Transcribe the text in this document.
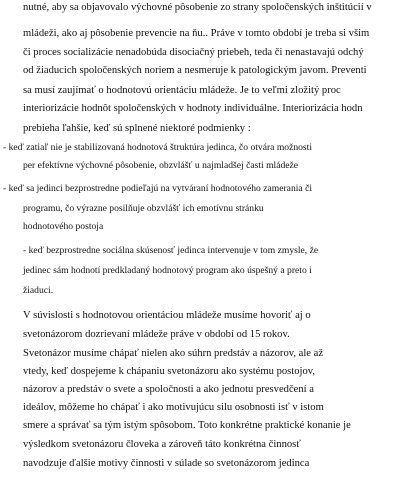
nutné, aby sa objavovalo výchovné pôsobenie zo strany spoločenských inštitúcií v
mládeži, ako aj pôsobenie prevencie na ňu.. Práve v tomto období je treba si všim
či proces socializácie nenadobúda disociačný priebeh, teda či nenastavajú odchý
od žiaducich spoločenských noriem a nesmeruje k patologickým javom. Preventi
sa musí zaujímať o hodnotovú orientáciu mládeže. Je to veľmi zložitý proc
interiorizácie hodnôt spoločenských v hodnoty individuálne. Interiorizácia hodn
prebieha ľahšie, keď sú splnené niektoré podmienky :
- keď zatiaľ nie je stabilizovaná hodnotová štruktúra jedinca, čo otvára možnosti
per efektívne výchovné pôsobenie, obzvlášť u najmladšej časti mládeže
- keď sa jedinci bezprostredne podieľajú na vytváraní hodnotového zamerania či
programu, čo výrazne posilňuje obzvlášť ich emotívnu stránku
hodnotového postoja
- keď bezprostredne sociálna skúsenosť jedinca intervenuje v tom zmysle, že
jedinec sám hodnotí predkladaný hodnotový program ako úspešný a preto i
žiaduci.
V súvislosti s hodnotovou orientáciou mládeže musíme hovoriť aj o
svetonázorom dozrievaní mládeže práve v období od 15 rokov.
Svetonázor musíme chápať nielen ako súhrn predstáv a názorov, ale až
vtedy, keď dospejeme k chápaniu svetonázoru ako systému postojov,
názorov a predstáv o svete a spoločnosti a ako jednotu presvedčení a
ideálov, môžeme ho chápať i ako motivujúcu silu osobnosti isť v istom
smere a správať sa tým istým spôsobom. Toto konkrétne praktické konanie je
výsledkom svetonázoru človeka a zároveň táto konkrétna činnosť
navodzuje ďalšie motivy činnosti v súlade so svetonázorom jedinca
